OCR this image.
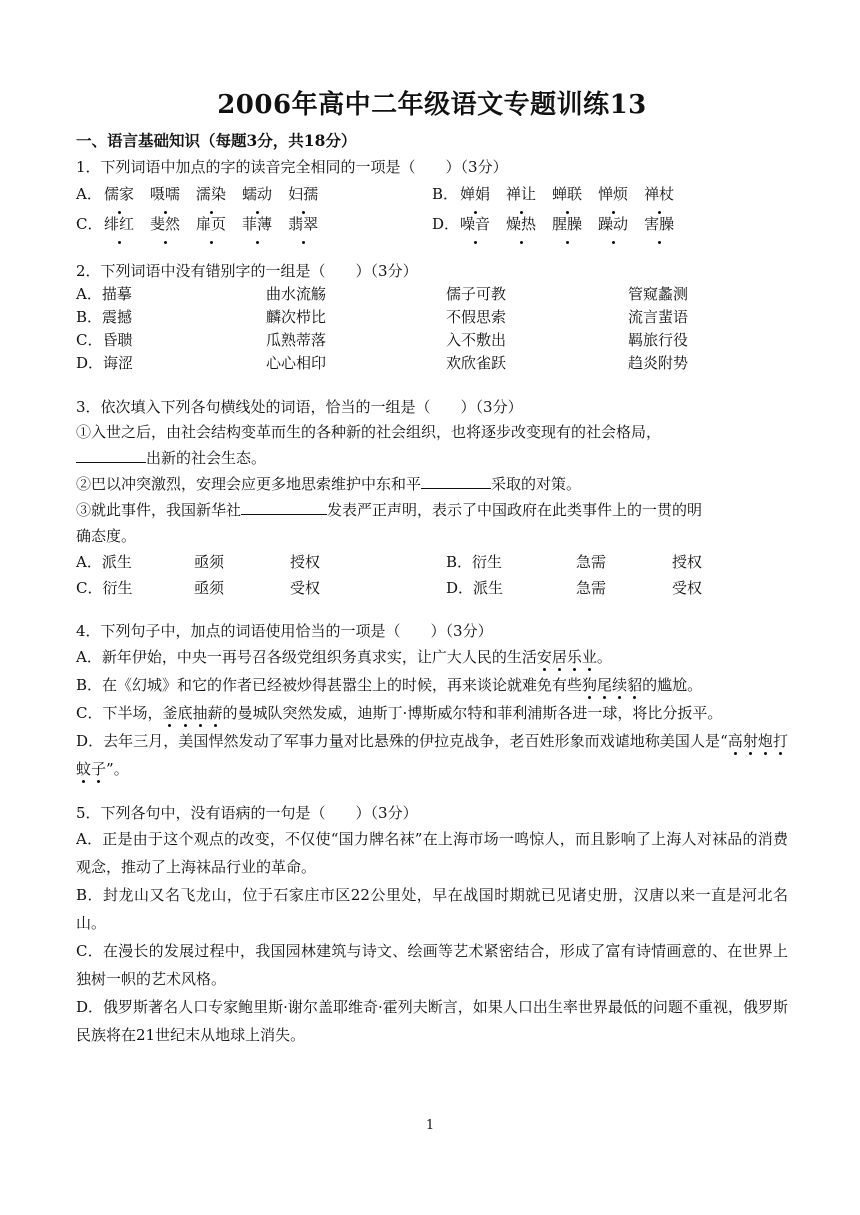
2006年高中二年级语文专题训练13
一、语言基础知识（每题3分，共18分）
1．下列词语中加点的字的读音完全相同的一项是（　　）（3分）
A． 儒家 嗫嚅 濡染 蠕动 妇孺	B． 婵娟 禅让 蝉联 惮烦 禅杖
C． 绯红 斐然 扉页 菲薄 翡翠	D． 噪音 燥热 腥臊 躁动 害臊
2．下列词语中没有错别字的一组是（　　）（3分）
A．描摹	曲水流觞	儒子可教	管窥蠡测
B．震撼	麟次栉比	不假思索	流言蜚语
C．昏聩	瓜熟蒂落	入不敷出	羁旅行役
D．诲涩	心心相印	欢欣雀跃	趋炎附势
3．依次填入下列各句横线处的词语，恰当的一组是（　　）（3分）
①入世之后，由社会结构变革而生的各种新的社会组织，也将逐步改变现有的社会格局，
出新的社会生态。
②巴以冲突激烈，安理会应更多地思索维护中东和平	采取的对策。
③就此事件，我国新华社	发表严正声明，表示了中国政府在此类事件上的一贯的明
确态度。
A．派生	亟须	授权	B．衍生	急需	授权
C．衍生	亟须	受权	D．派生	急需	受权
4．下列句子中，加点的词语使用恰当的一项是（　　）（3分）
A．新年伊始，中央一再号召各级党组织务真求实，让广大人民的生活安居乐业。
B．在《幻城》和它的作者已经被炒得甚嚣尘上的时候，再来谈论就难免有些狗尾续貂的尴尬。
C．下半场，釜底抽薪的曼城队突然发威，迪斯丁·博斯威尔特和菲利浦斯各进一球，将比分扳平。
D．去年三月，美国悍然发动了军事力量对比悬殊的伊拉克战争，老百姓形象而戏谑地称美国人是“高射炮打蚊子”。
5．下列各句中，没有语病的一句是（　　）（3分）
A．正是由于这个观点的改变，不仅使“国力牌名袜”在上海市场一鸣惊人，而且影响了上海人对袜品的消费观念，推动了上海袜品行业的革命。
B．封龙山又名飞龙山，位于石家庄市区22公里处，早在战国时期就已见诸史册，汉唐以来一直是河北名山。
C．在漫长的发展过程中，我国园林建筑与诗文、绘画等艺术紧密结合，形成了富有诗情画意的、在世界上独树一帜的艺术风格。
D．俄罗斯著名人口专家鲍里斯·谢尔盖耶维奇·霍列夫断言，如果人口出生率世界最低的问题不重视，俄罗斯民族将在21世纪末从地球上消失。
1
